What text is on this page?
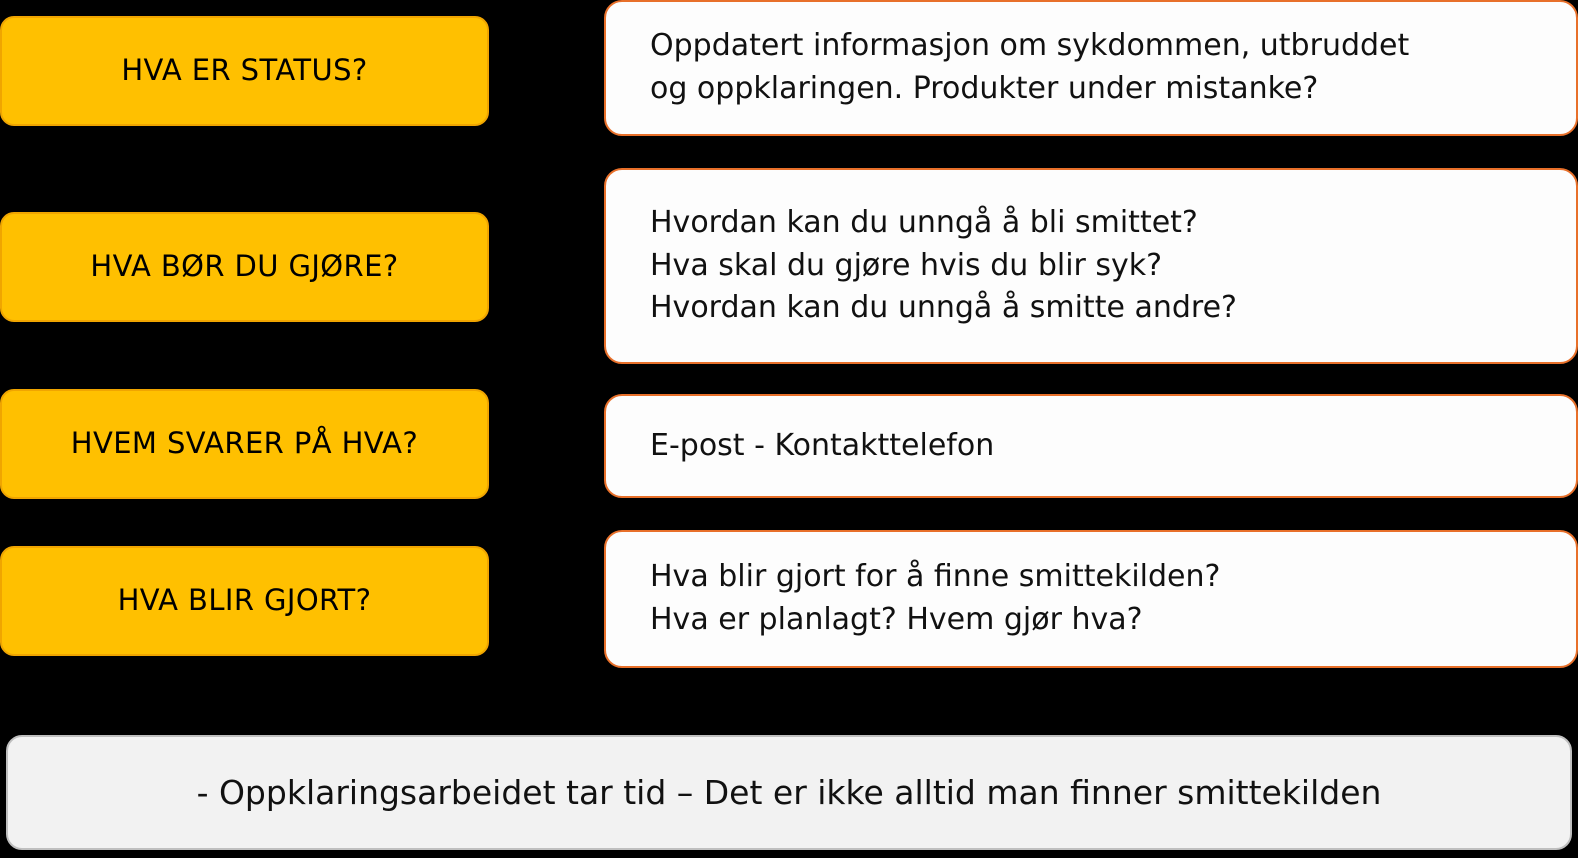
HVA ER STATUS?
Oppdatert informasjon om sykdommen, utbruddet
og oppklaringen. Produkter under mistanke?
HVA BØR DU GJØRE?
Hvordan kan du unngå å bli smittet?
Hva skal du gjøre hvis du blir syk?
Hvordan kan du unngå å smitte andre?
HVEM SVARER PÅ HVA?	E-post - Kontakttelefon
HVA BLIR GJORT?
Hva blir gjort for å finne smittekilden?
Hva er planlagt? Hvem gjør hva?
- Oppklaringsarbeidet tar tid – Det er ikke alltid man finner smittekilden
